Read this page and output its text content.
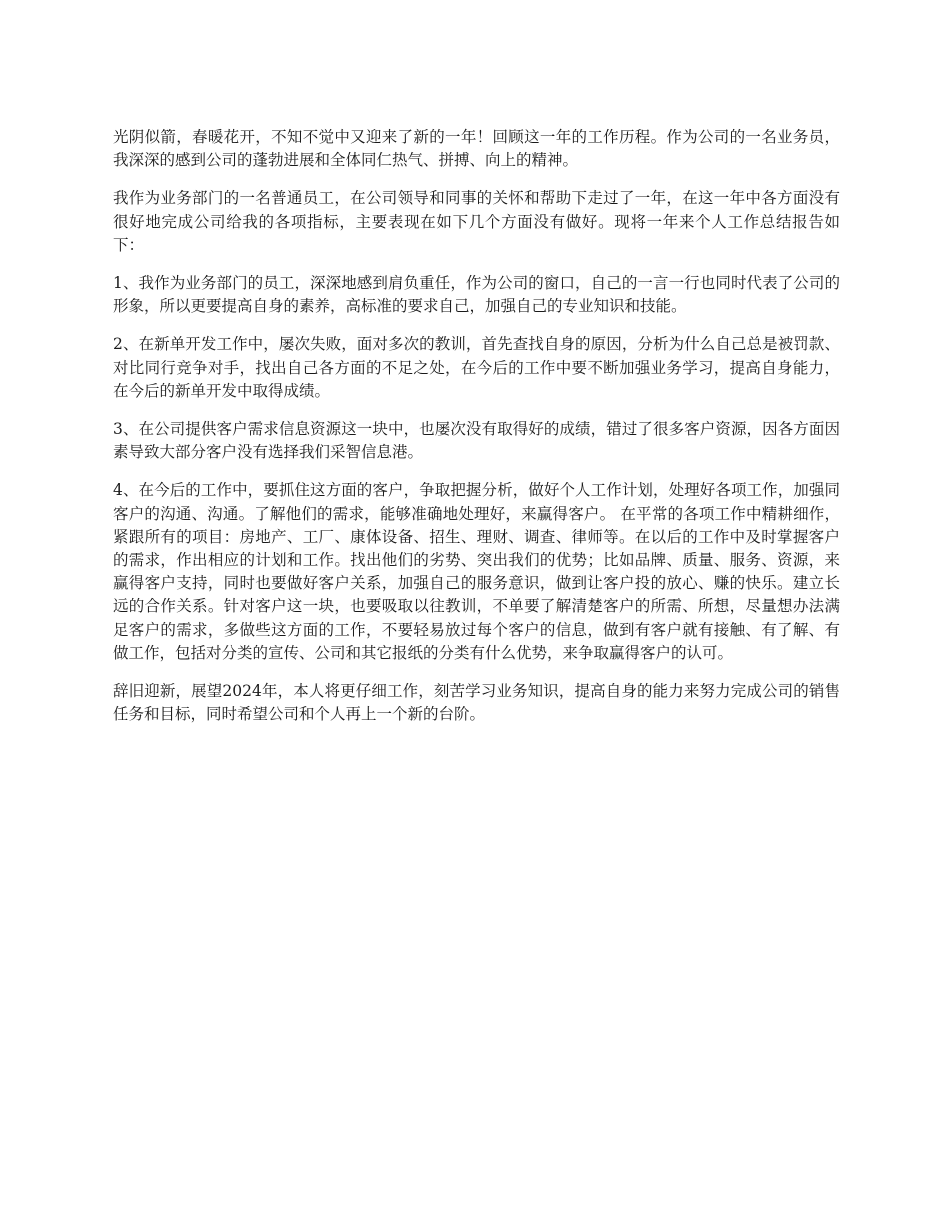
光阴似箭，春暖花开，不知不觉中又迎来了新的一年！回顾这一年的工作历程。作为公司的一名业务员，我深深的感到公司的蓬勃进展和全体同仁热气、拼搏、向上的精神。

我作为业务部门的一名普通员工，在公司领导和同事的关怀和帮助下走过了一年，在这一年中各方面没有很好地完成公司给我的各项指标，主要表现在如下几个方面没有做好。现将一年来个人工作总结报告如下：

1、我作为业务部门的员工，深深地感到肩负重任，作为公司的窗口，自己的一言一行也同时代表了公司的形象，所以更要提高自身的素养，高标准的要求自己，加强自己的专业知识和技能。

2、在新单开发工作中，屡次失败，面对多次的教训，首先查找自身的原因，分析为什么自己总是被罚款、对比同行竞争对手，找出自己各方面的不足之处，在今后的工作中要不断加强业务学习，提高自身能力，在今后的新单开发中取得成绩。

3、在公司提供客户需求信息资源这一块中，也屡次没有取得好的成绩，错过了很多客户资源，因各方面因素导致大部分客户没有选择我们采智信息港。

4、在今后的工作中，要抓住这方面的客户，争取把握分析，做好个人工作计划，处理好各项工作，加强同客户的沟通、沟通。了解他们的需求，能够准确地处理好，来赢得客户。 在平常的各项工作中精耕细作，紧跟所有的项目：房地产、工厂、康体设备、招生、理财、调查、律师等。在以后的工作中及时掌握客户的需求，作出相应的计划和工作。找出他们的劣势、突出我们的优势；比如品牌、质量、服务、资源，来赢得客户支持，同时也要做好客户关系，加强自己的服务意识，做到让客户投的放心、赚的快乐。建立长远的合作关系。针对客户这一块，也要吸取以往教训，不单要了解清楚客户的所需、所想，尽量想办法满足客户的需求，多做些这方面的工作，不要轻易放过每个客户的信息，做到有客户就有接触、有了解、有做工作，包括对分类的宣传、公司和其它报纸的分类有什么优势，来争取赢得客户的认可。

辞旧迎新，展望2024年，本人将更仔细工作，刻苦学习业务知识，提高自身的能力来努力完成公司的销售任务和目标，同时希望公司和个人再上一个新的台阶。
